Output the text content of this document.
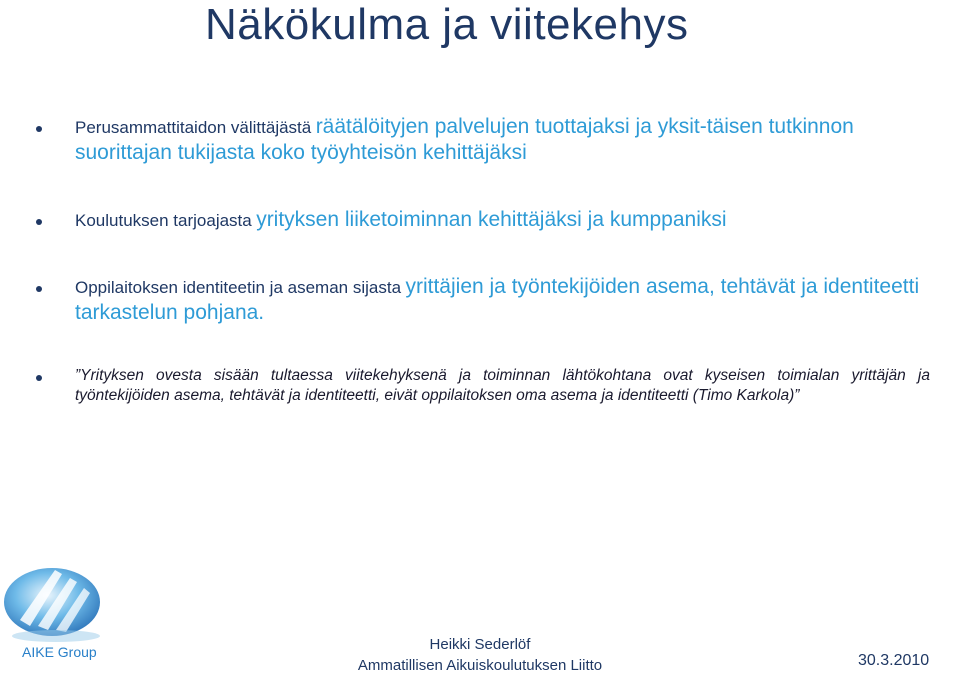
Näkökulma ja viitekehys
Perusammattitaidon välittäjästä räätälöityjen palvelujen tuottajaksi ja yksit-täisen tutkinnon suorittajan tukijasta koko työyhteisön kehittäjäksi
Koulutuksen tarjoajasta yrityksen liiketoiminnan kehittäjäksi ja kumppaniksi
Oppilaitoksen identiteetin ja aseman sijasta yrittäjien ja työntekijöiden asema, tehtävät ja identiteetti tarkastelun pohjana.
”Yrityksen ovesta sisään tultaessa viitekehyksenä ja toiminnan lähtökohtana ovat kyseisen toimialan yrittäjän ja työntekijöiden asema, tehtävät ja identiteetti, eivät oppilaitoksen oma asema ja identiteetti (Timo Karkola)”
AIKE Group	Heikki Sederlöf
Ammatillisen Aikuiskoulutuksen Liitto	30.3.2010
